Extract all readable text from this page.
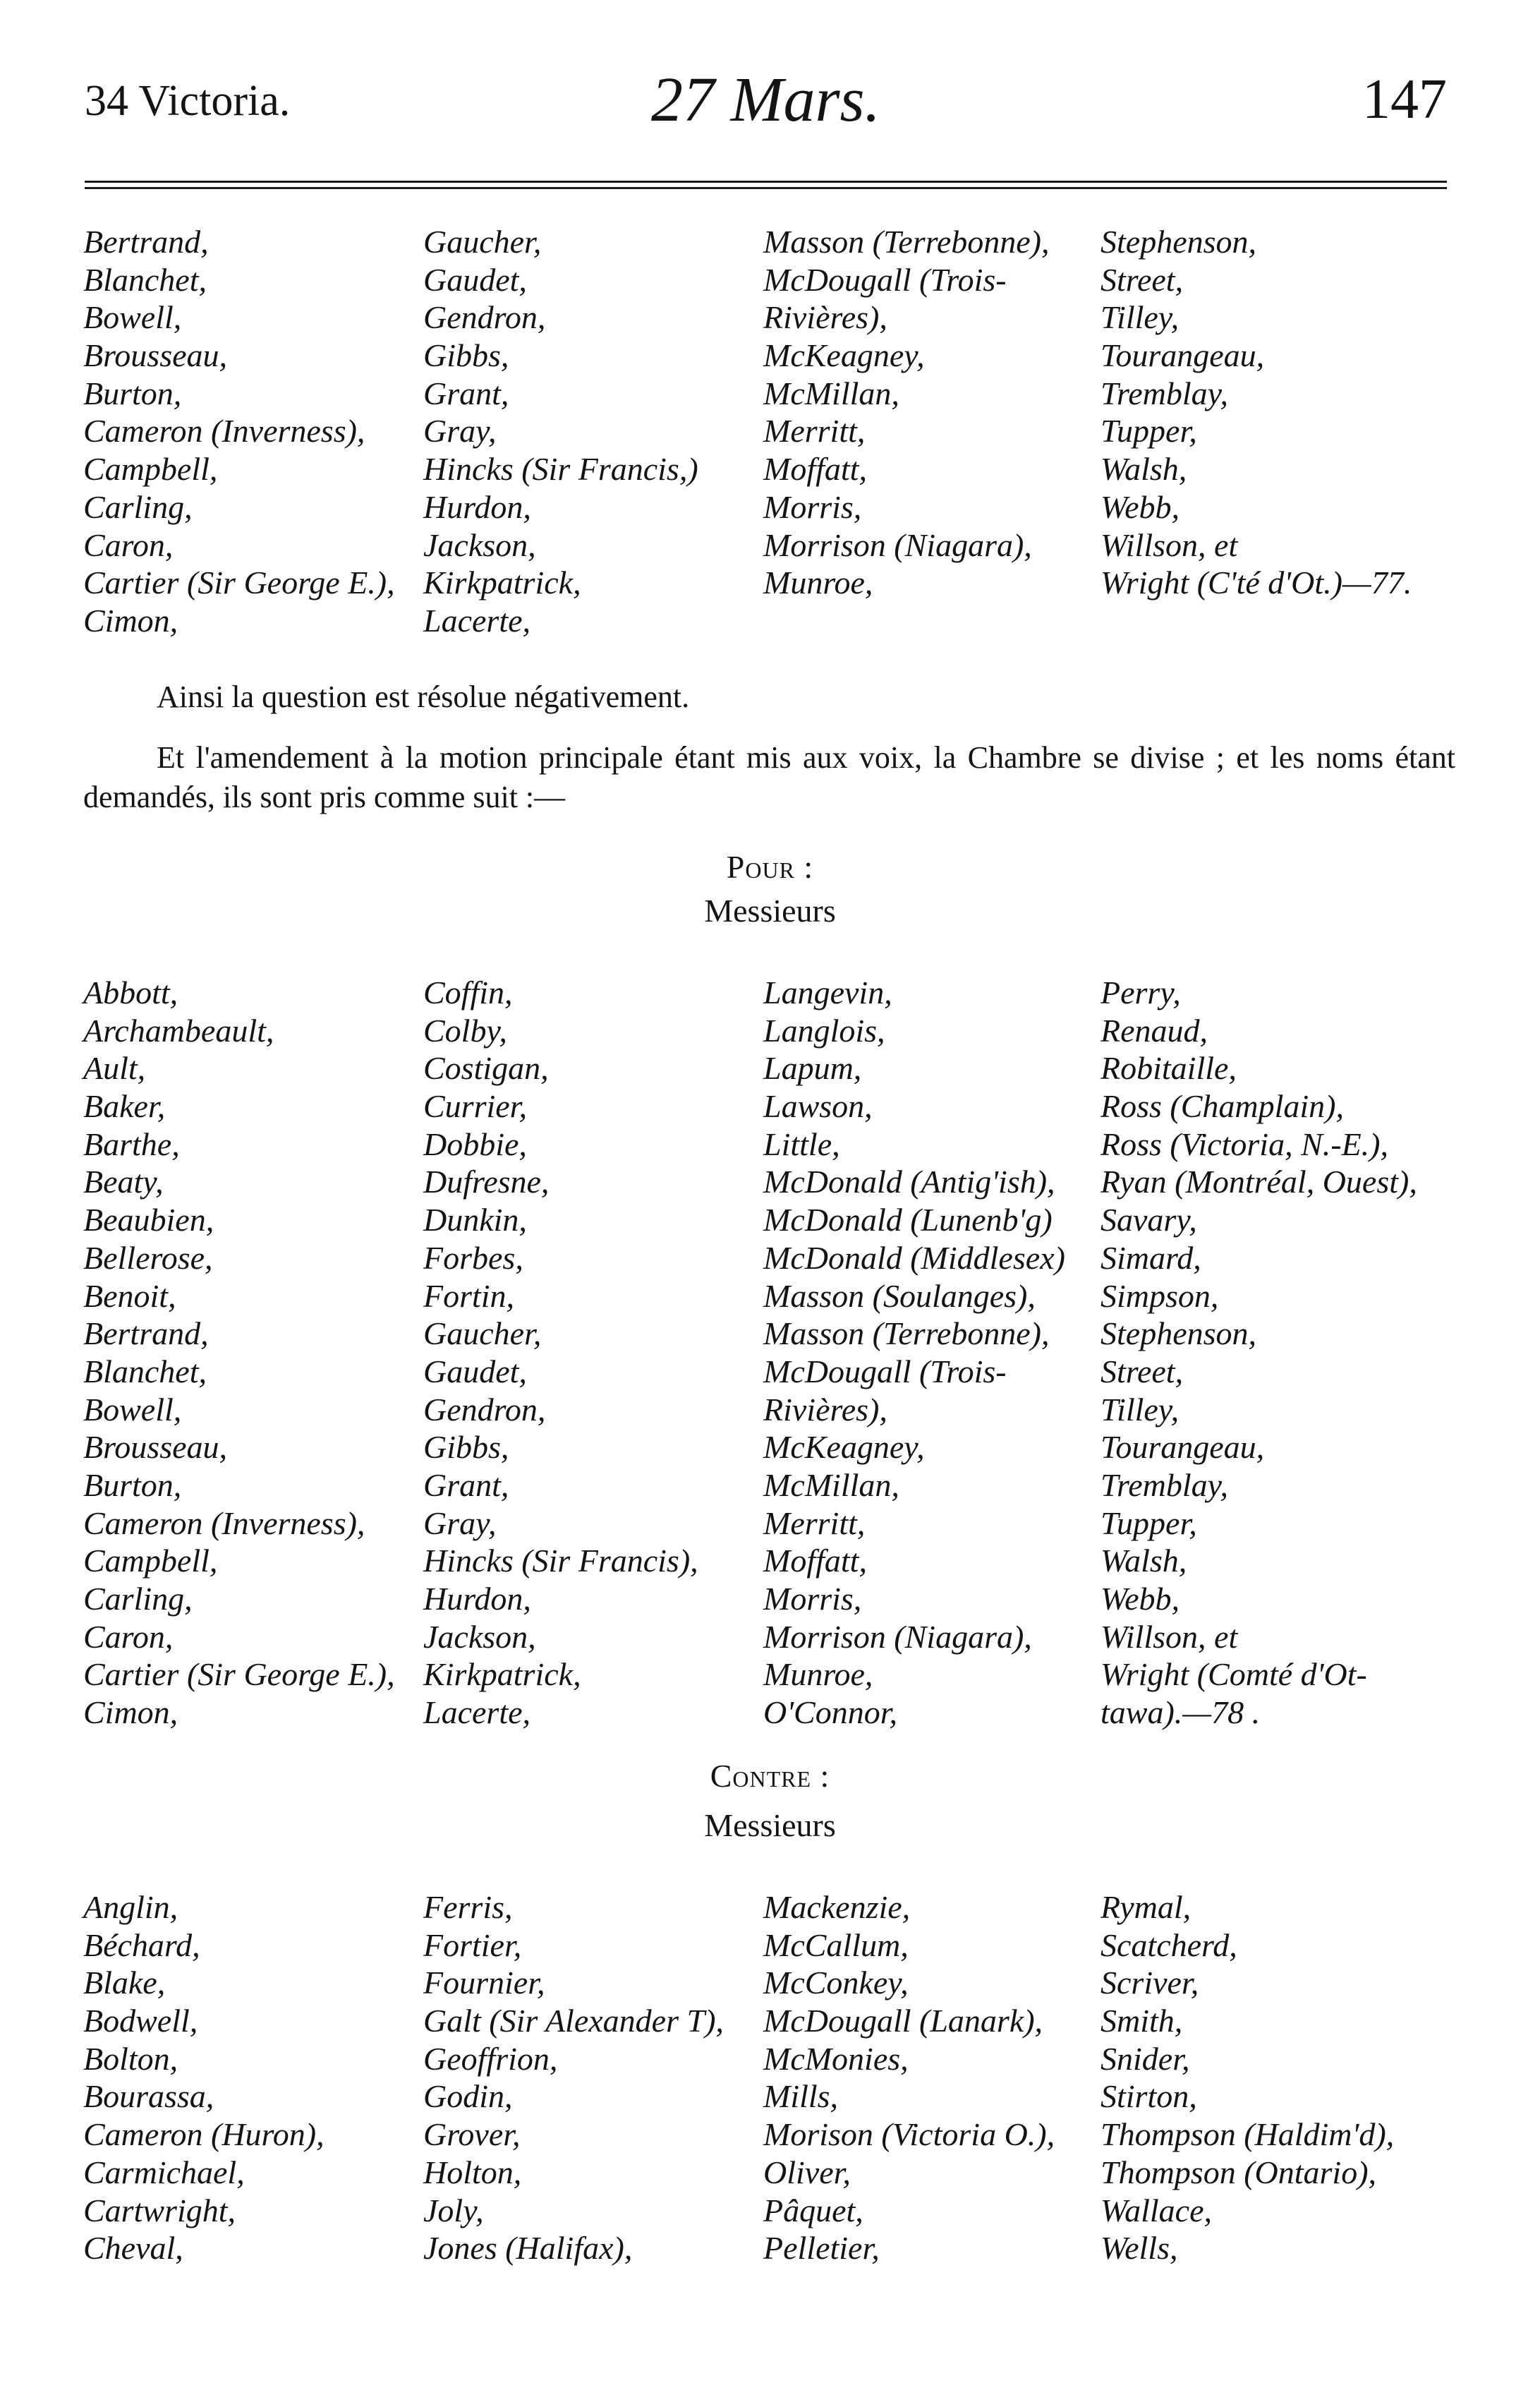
34 Victoria.	27 Mars.	147
Bertrand,	Gaucher,	Masson (Terrebonne), Stephenson,
Blanchet,	Gaudet,	McDougall (Trois-	Street,
Bowell,	Gendron,	Rivières),	Tilley,
Brousseau,	Gibbs,	McKeagney,	Tourangeau,
Burton,	Grant,	McMillan,	Tremblay,
Cameron (Inverness), Gray,	Merritt,	Tupper,
Campbell,	Hincks (Sir Francis,) Moffatt,	Walsh,
Carling,	Hurdon,	Morris,	Webb,
Caron,	Jackson,	Morrison (Niagara), Willson, et
Cartier (Sir George E.), Kirkpatrick,	Munroe,	Wright (C'té d'Ot.)—77.
Cimon,	Lacerte,
Ainsi la question est résolue négativement.
Et l'amendement à la motion principale étant mis aux voix, la Chambre se divise ; et les noms étant demandés, ils sont pris comme suit :—
Pour :
Messieurs
Abbott,	Coffin,	Langevin,	Perry,
Archambeault,	Colby,	Langlois,	Renaud,
Ault,	Costigan,	Lapum,	Robitaille,
Baker,	Currier,	Lawson,	Ross (Champlain),
Barthe,	Dobbie,	Little,	Ross (Victoria, N.-E.),
Beaty,	Dufresne,	McDonald (Antig'ish), Ryan (Montréal, Ouest),
Beaubien,	Dunkin,	McDonald (Lunenb'g) Savary,
Bellerose,	Forbes,	McDonald (Middlesex) Simard,
Benoit,	Fortin,	Masson (Soulanges), Simpson,
Bertrand,	Gaucher,	Masson (Terrebonne), Stephenson,
Blanchet,	Gaudet,	McDougall (Trois-	Street,
Bowell,	Gendron,	Rivières),	Tilley,
Brousseau,	Gibbs,	McKeagney,	Tourangeau,
Burton,	Grant,	McMillan,	Tremblay,
Cameron (Inverness), Gray,	Merritt,	Tupper,
Campbell,	Hincks (Sir Francis), Moffatt,	Walsh,
Carling,	Hurdon,	Morris,	Webb,
Caron,	Jackson,	Morrison (Niagara), Willson, et
Cartier (Sir George E.), Kirkpatrick,	Munroe,	Wright (Comté d'Ot-
Cimon,	Lacerte,	O'Connor,	tawa).—78 .
Contre :
Messieurs
Anglin,	Ferris,	Mackenzie,	Rymal,
Béchard,	Fortier,	McCallum,	Scatcherd,
Blake,	Fournier,	McConkey,	Scriver,
Bodwell,	Galt (Sir Alexander T), McDougall (Lanark), Smith,
Bolton,	Geoffrion,	McMonies,	Snider,
Bourassa,	Godin,	Mills,	Stirton,
Cameron (Huron),	Grover,	Morison (Victoria O.), Thompson (Haldim'd),
Carmichael,	Holton,	Oliver,	Thompson (Ontario),
Cartwright,	Joly,	Pâquet,	Wallace,
Cheval,	Jones (Halifax),	Pelletier,	Wells,
